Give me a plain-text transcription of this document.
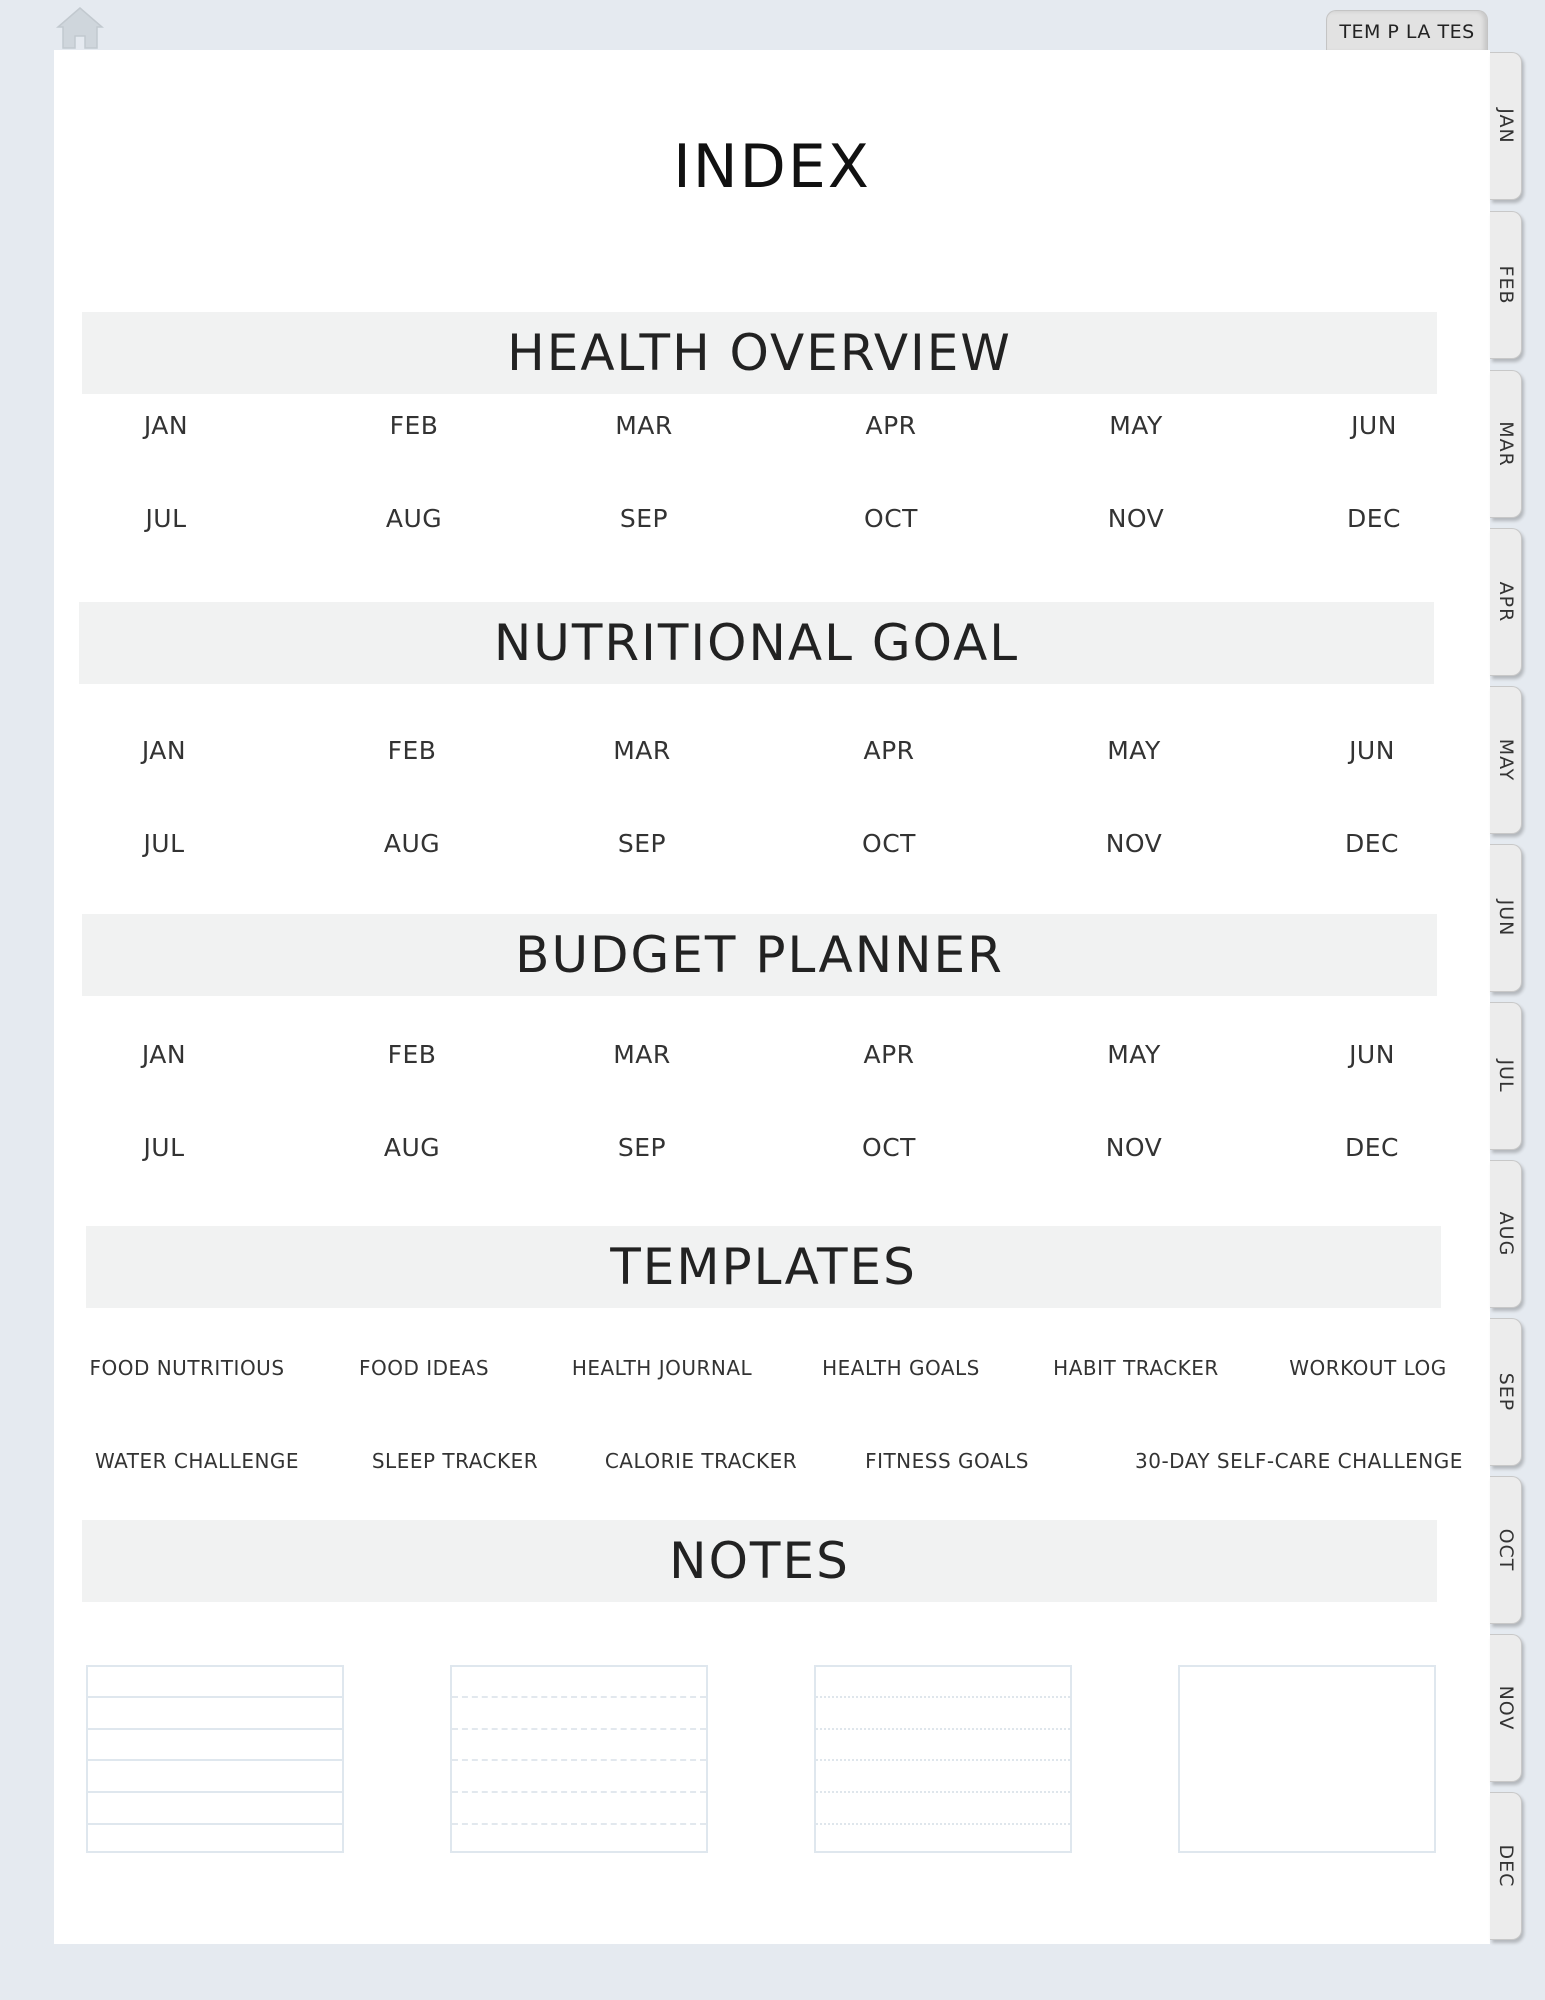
TEM P LA TES
INDEX
HEALTH OVERVIEW
JAN	FEB	MAR	APR	MAY	JUN
JUL	AUG	SEP	OCT	NOV	DEC
NUTRITIONAL GOAL
JAN	FEB	MAR	APR	MAY	JUN
JUL	AUG	SEP	OCT	NOV	DEC
BUDGET PLANNER
JAN	FEB	MAR	APR	MAY	JUN
JUL	AUG	SEP	OCT	NOV	DEC
TEMPLATES
FOOD NUTRITIOUS	FOOD IDEAS	HEALTH JOURNAL	HEALTH GOALS	HABIT TRACKER	WORKOUT LOG
WATER CHALLENGE	SLEEP TRACKER	CALORIE TRACKER	FITNESS GOALS	30-DAY SELF-CARE CHALLENGE
NOTES
JAN
FEB
MAR
APR
MAY
JUN
JUL
AUG
SEP
OCT
NOV
DEC
